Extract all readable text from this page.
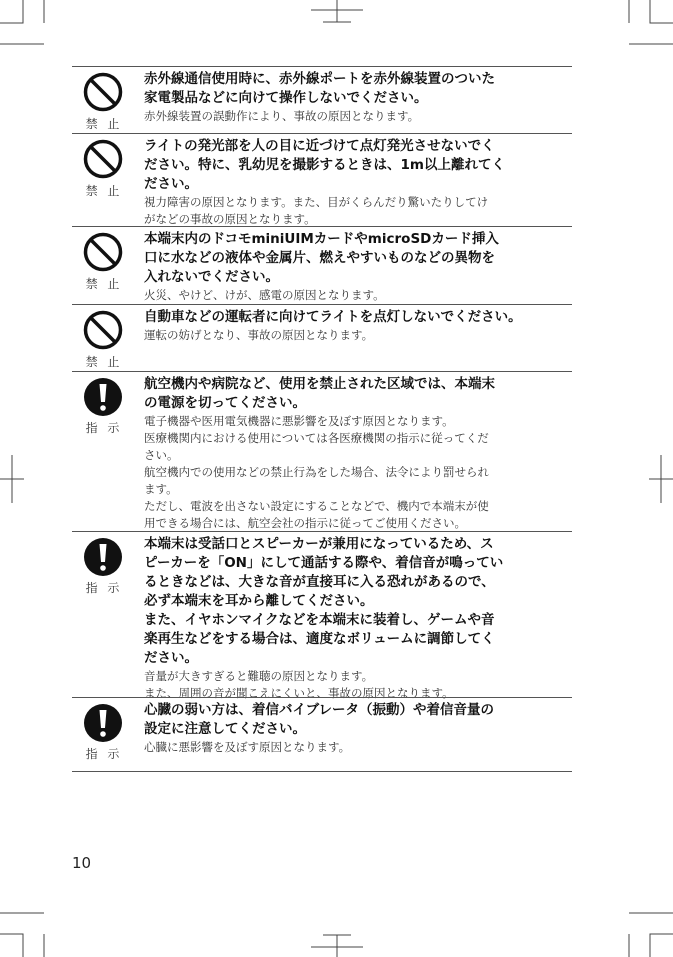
禁 止
赤外線通信使用時に、赤外線ポートを赤外線装置のついた
家電製品などに向けて操作しないでください。
赤外線装置の誤動作により、事故の原因となります。
禁 止
ライトの発光部を人の目に近づけて点灯発光させないでく
ださい。特に、乳幼児を撮影するときは、1m以上離れてく
ださい。
視力障害の原因となります。また、目がくらんだり驚いたりしてけ
がなどの事故の原因となります。
禁 止
本端末内のドコモminiUIMカードやmicroSDカード挿入
口に水などの液体や金属片、燃えやすいものなどの異物を
入れないでください。
火災、やけど、けが、感電の原因となります。
禁 止
自動車などの運転者に向けてライトを点灯しないでください。
運転の妨げとなり、事故の原因となります。
指 示
航空機内や病院など、使用を禁止された区域では、本端末
の電源を切ってください。
電子機器や医用電気機器に悪影響を及ぼす原因となります。
医療機関内における使用については各医療機関の指示に従ってくだ
さい。
航空機内での使用などの禁止行為をした場合、法令により罰せられ
ます。
ただし、電波を出さない設定にすることなどで、機内で本端末が使
用できる場合には、航空会社の指示に従ってご使用ください。
指 示
本端末は受話口とスピーカーが兼用になっているため、ス
ピーカーを「ON」にして通話する際や、着信音が鳴ってい
るときなどは、大きな音が直接耳に入る恐れがあるので、
必ず本端末を耳から離してください。
また、イヤホンマイクなどを本端末に装着し、ゲームや音
楽再生などをする場合は、適度なボリュームに調節してく
ださい。
音量が大きすぎると難聴の原因となります。
また、周囲の音が聞こえにくいと、事故の原因となります。
指 示
心臓の弱い方は、着信バイブレータ（振動）や着信音量の
設定に注意してください。
心臓に悪影響を及ぼす原因となります。
10
